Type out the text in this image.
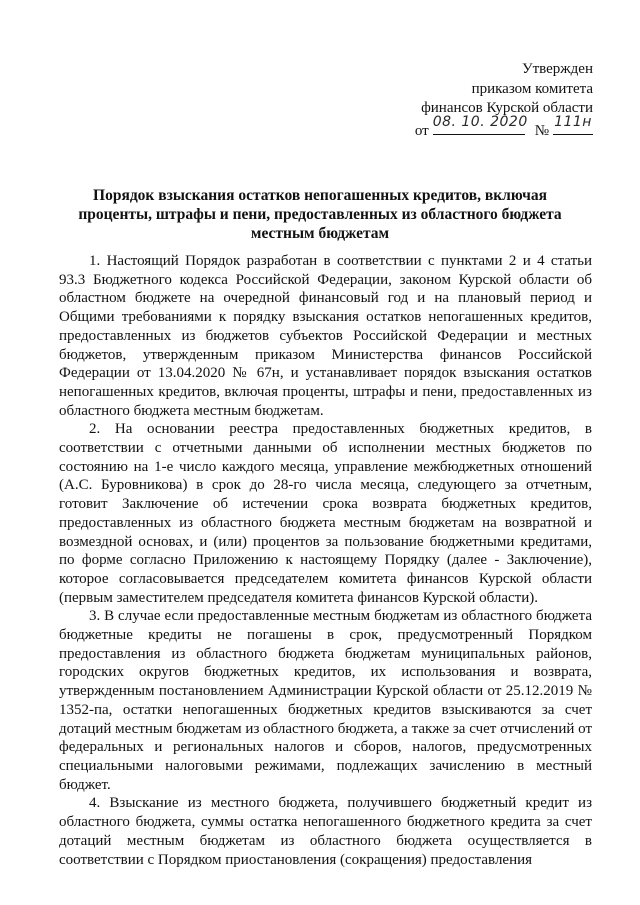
Утвержден
приказом комитета
финансов Курской области
от
08. 10. 2020
№
111н
Порядок взыскания остатков непогашенных кредитов, включая
проценты, штрафы и пени, предоставленных из областного бюджета
местным бюджетам

1. Настоящий Порядок разработан в соответствии с пунктами 2 и 4 статьи 93.3 Бюджетного кодекса Российской Федерации, законом Курской области об областном бюджете на очередной финансовый год и на плановый период и Общими требованиями к порядку взыскания остатков непогашенных кредитов, предоставленных из бюджетов субъектов Российской Федерации и местных бюджетов, утвержденным приказом Министерства финансов Российской Федерации от 13.04.2020 № 67н, и устанавливает порядок взыскания остатков непогашенных кредитов, включая проценты, штрафы и пени, предоставленных из областного бюджета местным бюджетам.

2. На основании реестра предоставленных бюджетных кредитов, в соответствии с отчетными данными об исполнении местных бюджетов по состоянию на 1-е число каждого месяца, управление межбюджетных отношений (А.С. Буровникова) в срок до 28-го числа месяца, следующего за отчетным, готовит Заключение об истечении срока возврата бюджетных кредитов, предоставленных из областного бюджета местным бюджетам на возвратной и возмездной основах, и (или) процентов за пользование бюджетными кредитами, по форме согласно Приложению к настоящему Порядку (далее - Заключение), которое согласовывается председателем комитета финансов Курской области (первым заместителем председателя комитета финансов Курской области).

3. В случае если предоставленные местным бюджетам из областного бюджета бюджетные кредиты не погашены в срок, предусмотренный Порядком предоставления из областного бюджета бюджетам муниципальных районов, городских округов бюджетных кредитов, их использования и возврата, утвержденным постановлением Администрации Курской области от 25.12.2019 № 1352-па, остатки непогашенных бюджетных кредитов взыскиваются за счет дотаций местным бюджетам из областного бюджета, а также за счет отчислений от федеральных и региональных налогов и сборов, налогов, предусмотренных специальными налоговыми режимами, подлежащих зачислению в местный бюджет.

4. Взыскание из местного бюджета, получившего бюджетный кредит из областного бюджета, суммы остатка непогашенного бюджетного кредита за счет дотаций местным бюджетам из областного бюджета осуществляется в соответствии с Порядком приостановления (сокращения) предоставления
